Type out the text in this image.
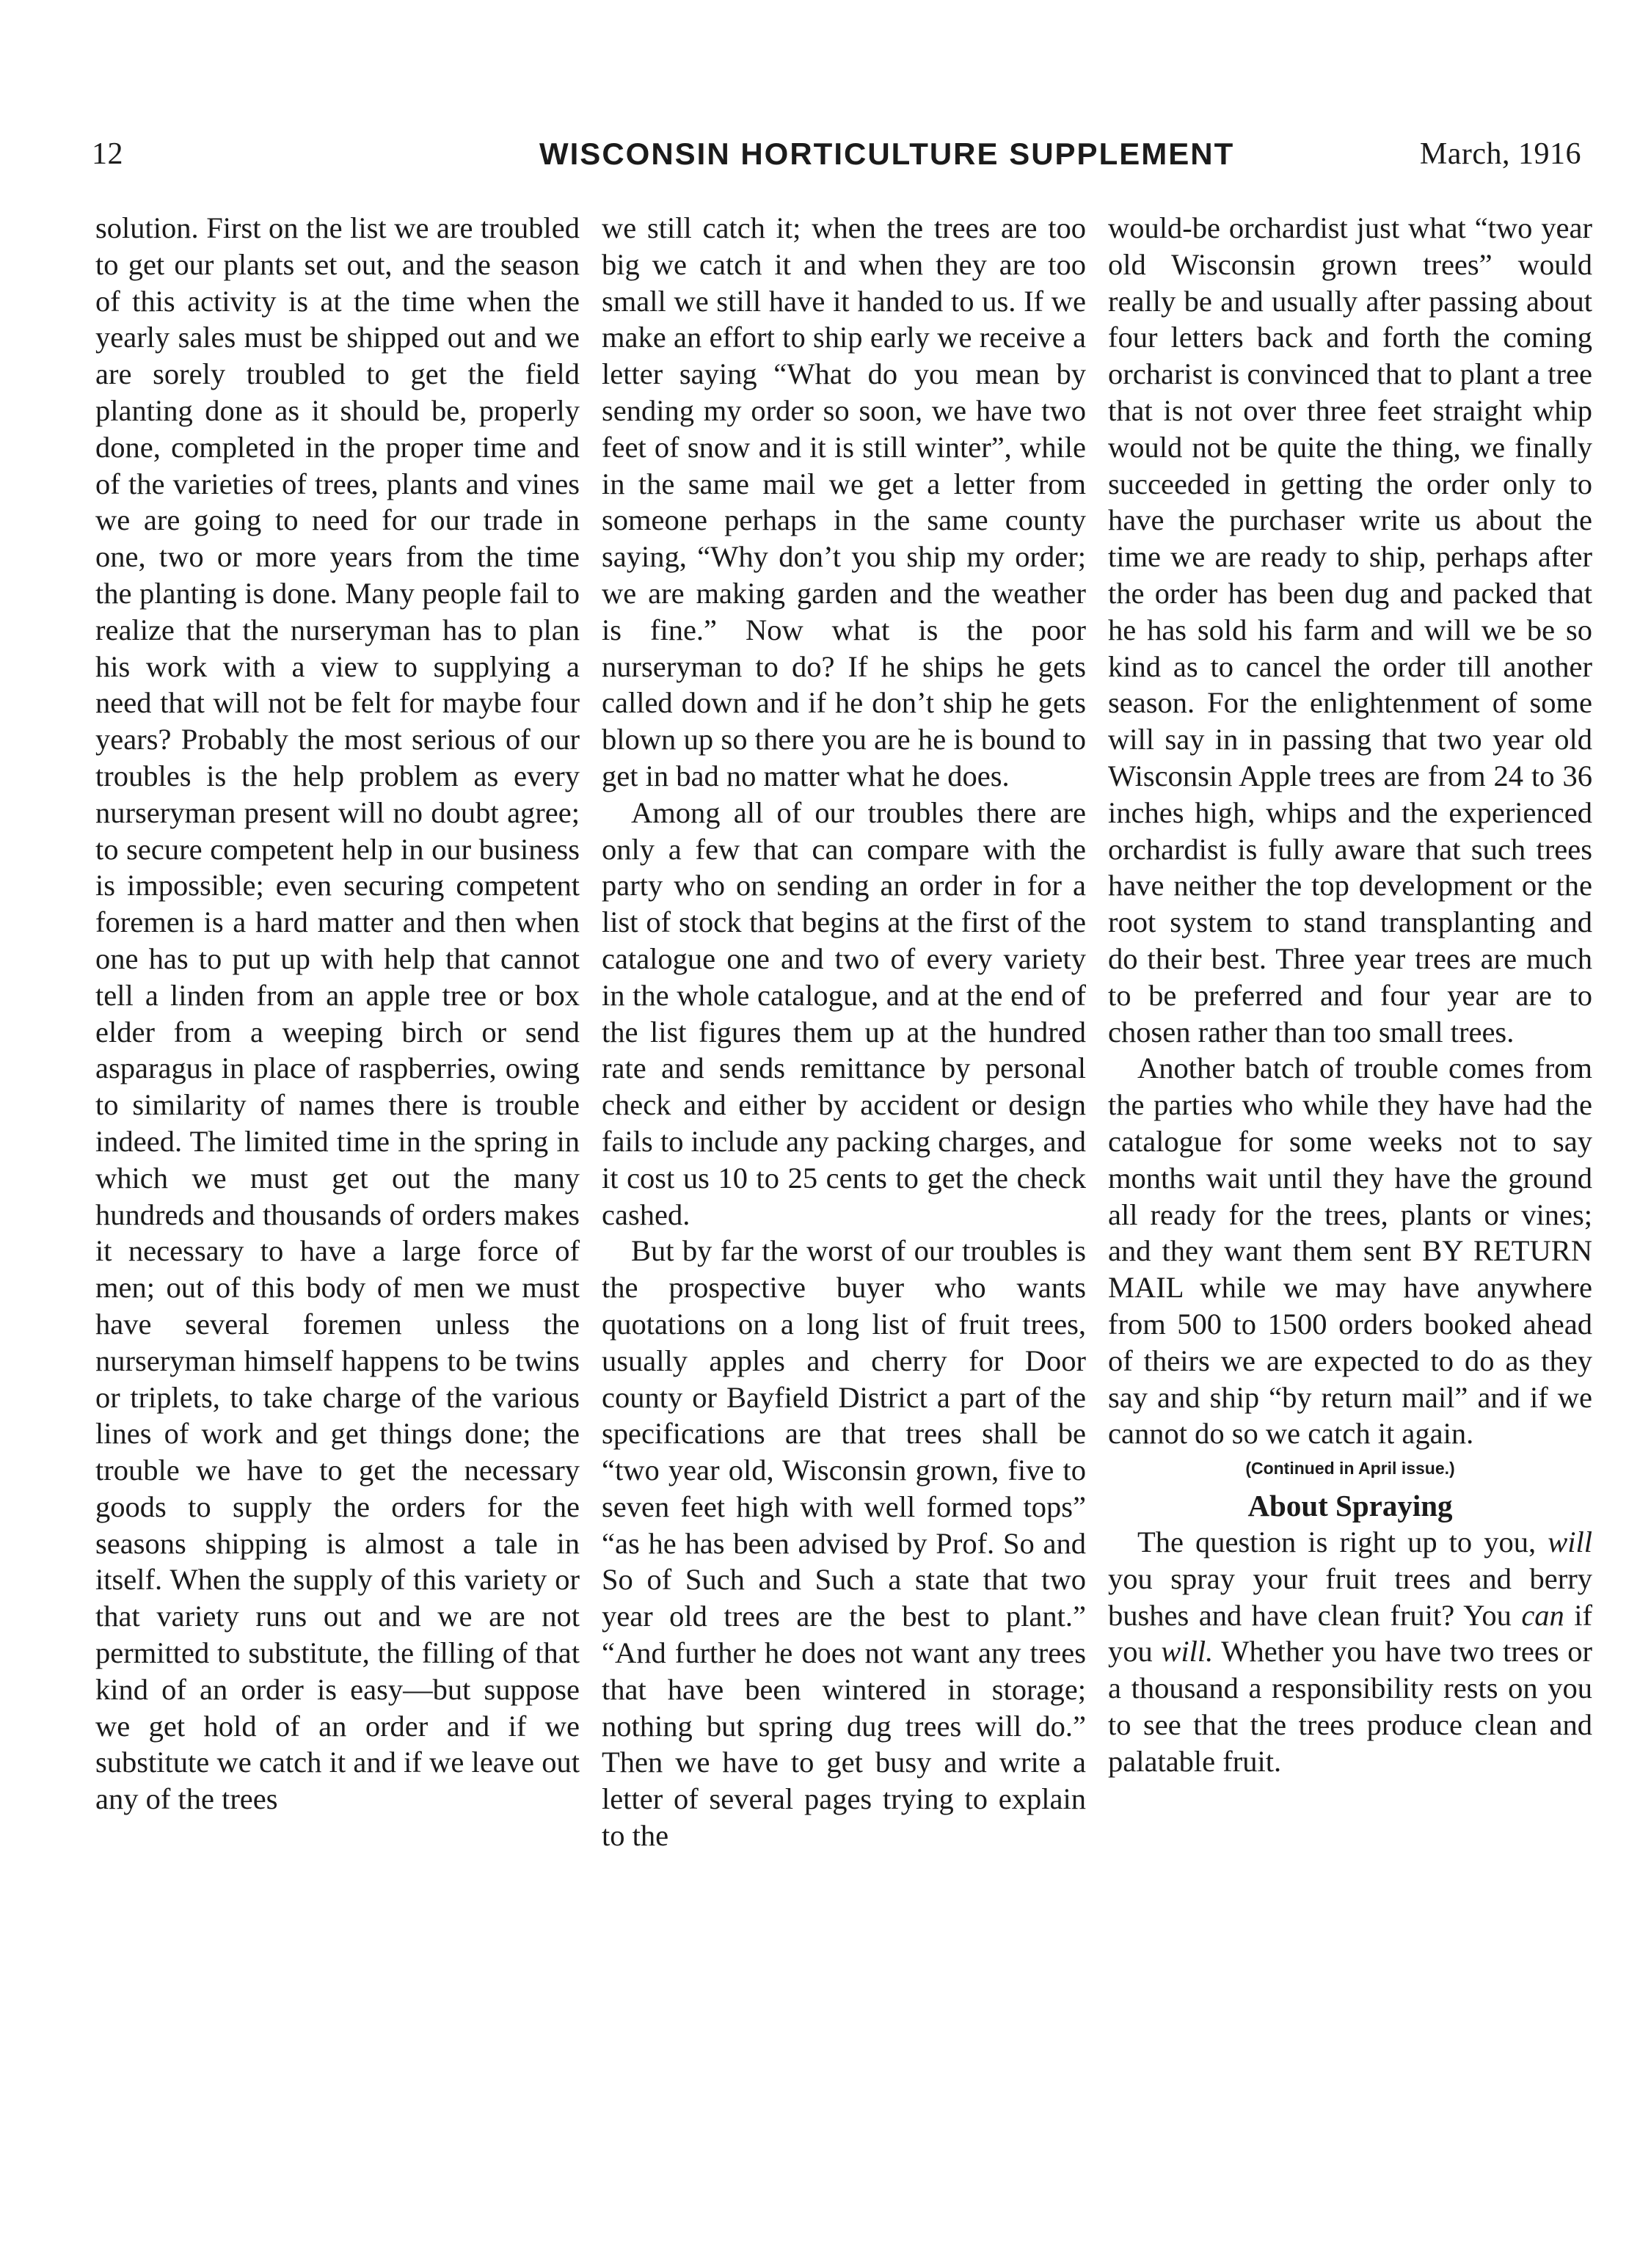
12	WISCONSIN HORTICULTURE SUPPLEMENT	March, 1916

solution. First on the list we are troubled to get our plants set out, and the season of this activity is at the time when the yearly sales must be shipped out and we are sorely troubled to get the field planting done as it should be, properly done, completed in the proper time and of the varieties of trees, plants and vines we are going to need for our trade in one, two or more years from the time the planting is done. Many people fail to realize that the nurseryman has to plan his work with a view to supplying a need that will not be felt for maybe four years? Probably the most serious of our troubles is the help problem as every nurseryman present will no doubt agree; to secure competent help in our business is impossible; even securing competent foremen is a hard matter and then when one has to put up with help that cannot tell a linden from an apple tree or box elder from a weeping birch or send asparagus in place of raspberries, owing to similarity of names there is trouble indeed. The limited time in the spring in which we must get out the many hundreds and thousands of orders makes it necessary to have a large force of men; out of this body of men we must have several foremen unless the nurseryman himself happens to be twins or triplets, to take charge of the various lines of work and get things done; the trouble we have to get the necessary goods to supply the orders for the seasons shipping is almost a tale in itself. When the supply of this variety or that variety runs out and we are not permitted to substitute, the filling of that kind of an order is easy—but suppose we get hold of an order and if we substitute we catch it and if we leave out any of the trees

we still catch it; when the trees are too big we catch it and when they are too small we still have it handed to us. If we make an effort to ship early we receive a letter saying “What do you mean by sending my order so soon, we have two feet of snow and it is still winter”, while in the same mail we get a letter from someone perhaps in the same county saying, “Why don’t you ship my order; we are making garden and the weather is fine.” Now what is the poor nurseryman to do? If he ships he gets called down and if he don’t ship he gets blown up so there you are he is bound to get in bad no matter what he does.

Among all of our troubles there are only a few that can compare with the party who on sending an order in for a list of stock that begins at the first of the catalogue one and two of every variety in the whole catalogue, and at the end of the list figures them up at the hundred rate and sends remittance by personal check and either by accident or design fails to include any packing charges, and it cost us 10 to 25 cents to get the check cashed.

But by far the worst of our troubles is the prospective buyer who wants quotations on a long list of fruit trees, usually apples and cherry for Door county or Bayfield District a part of the specifications are that trees shall be “two year old, Wisconsin grown, five to seven feet high with well formed tops” “as he has been advised by Prof. So and So of Such and Such a state that two year old trees are the best to plant.” “And further he does not want any trees that have been wintered in storage; nothing but spring dug trees will do.” Then we have to get busy and write a letter of several pages trying to explain to the

would-be orchardist just what “two year old Wisconsin grown trees” would really be and usually after passing about four letters back and forth the coming orcharist is convinced that to plant a tree that is not over three feet straight whip would not be quite the thing, we finally succeeded in getting the order only to have the purchaser write us about the time we are ready to ship, perhaps after the order has been dug and packed that he has sold his farm and will we be so kind as to cancel the order till another season. For the enlightenment of some will say in in passing that two year old Wisconsin Apple trees are from 24 to 36 inches high, whips and the experienced orchardist is fully aware that such trees have neither the top development or the root system to stand transplanting and do their best. Three year trees are much to be preferred and four year are to chosen rather than too small trees.

Another batch of trouble comes from the parties who while they have had the catalogue for some weeks not to say months wait until they have the ground all ready for the trees, plants or vines; and they want them sent BY RETURN MAIL while we may have anywhere from 500 to 1500 orders booked ahead of theirs we are expected to do as they say and ship “by return mail” and if we cannot do so we catch it again.

(Continued in April issue.)
About Spraying

The question is right up to you, will you spray your fruit trees and berry bushes and have clean fruit? You can if you will. Whether you have two trees or a thousand a responsibility rests on you to see that the trees produce clean and palatable fruit.
